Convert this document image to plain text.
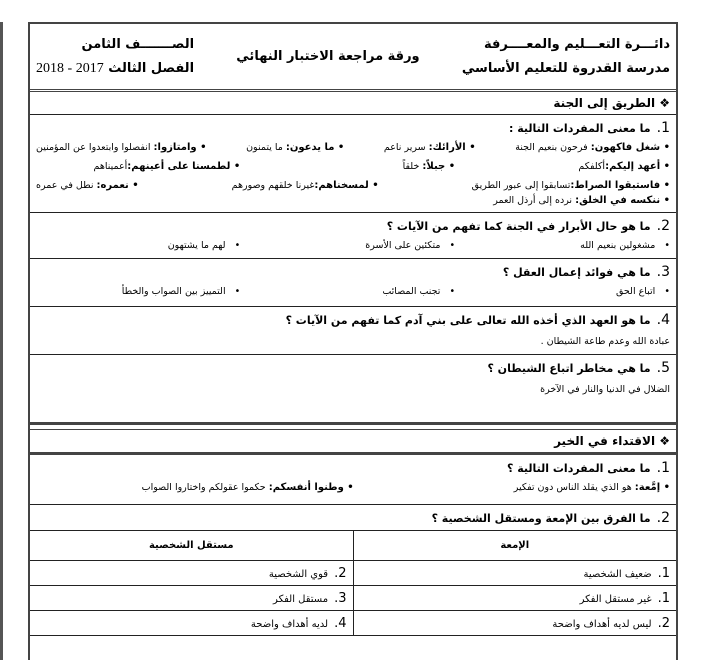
دائـــرة التعـــليم والمعــــرفة
مدرسة القدروة للتعليم الأساسي
ورقة مراجعة الاختبار النهائي
الصـــــــف الثامن
الفصل الثالث 2017 - 2018
❖ الطريق إلى الجنة
1.ما معنى المفردات التالية :
• شغل فاكهون: فرحون بنعيم الجنة
• الأرائك: سرير ناعم
• ما يدعون: ما يتمنون
• وامتازوا: انفصلوا وابتعدوا عن المؤمنين
• أعهد إليكم:أكلفكم
• جبلاً: خلقاً
• لطمسنا على أعينهم:أعميناهم
• فاستبقوا الصراط:تسابقوا إلى عبور الطريق
• لمسخناهم:غيرنا خلقهم وصورهم
• نعمره: نطل في عمره
• ننكسه في الخلق: نرده إلى أرذل العمر
2.ما هو حال الأبرار في الجنة كما تفهم من الآيات ؟
•   مشغولين بنعيم الله
•   متكئين على الأسرة
•   لهم ما يشتهون
3.ما هي فوائد إعمال العقل ؟
•   اتباع الحق
•   تجنب المصائب
•   التمييز بين الصواب والخطأ
4.ما هو العهد الذي أخذه الله تعالى على بني آدم كما تفهم من الآيات ؟
عبادة الله وعدم طاعة الشيطان .
5.ما هي مخاطر اتباع الشيطان ؟
الضلال في الدنيا والنار في الآخرة
❖ الاقتداء في الخير
1.ما معنى المفردات التالية ؟
• إمَّعة: هو الذي يقلد الناس دون تفكير
• وطنوا أنفسكم: حكموا عقولكم واختاروا الصواب
2.ما الفرق بين الإمعة ومستقل الشخصية ؟
الإمعة	مستقل الشخصية
1.ضعيف الشخصية	2.قوي الشخصية
1.غير مستقل الفكر	3.مستقل الفكر
2.ليس لديه أهداف واضحة	4.لديه أهداف واضحة
